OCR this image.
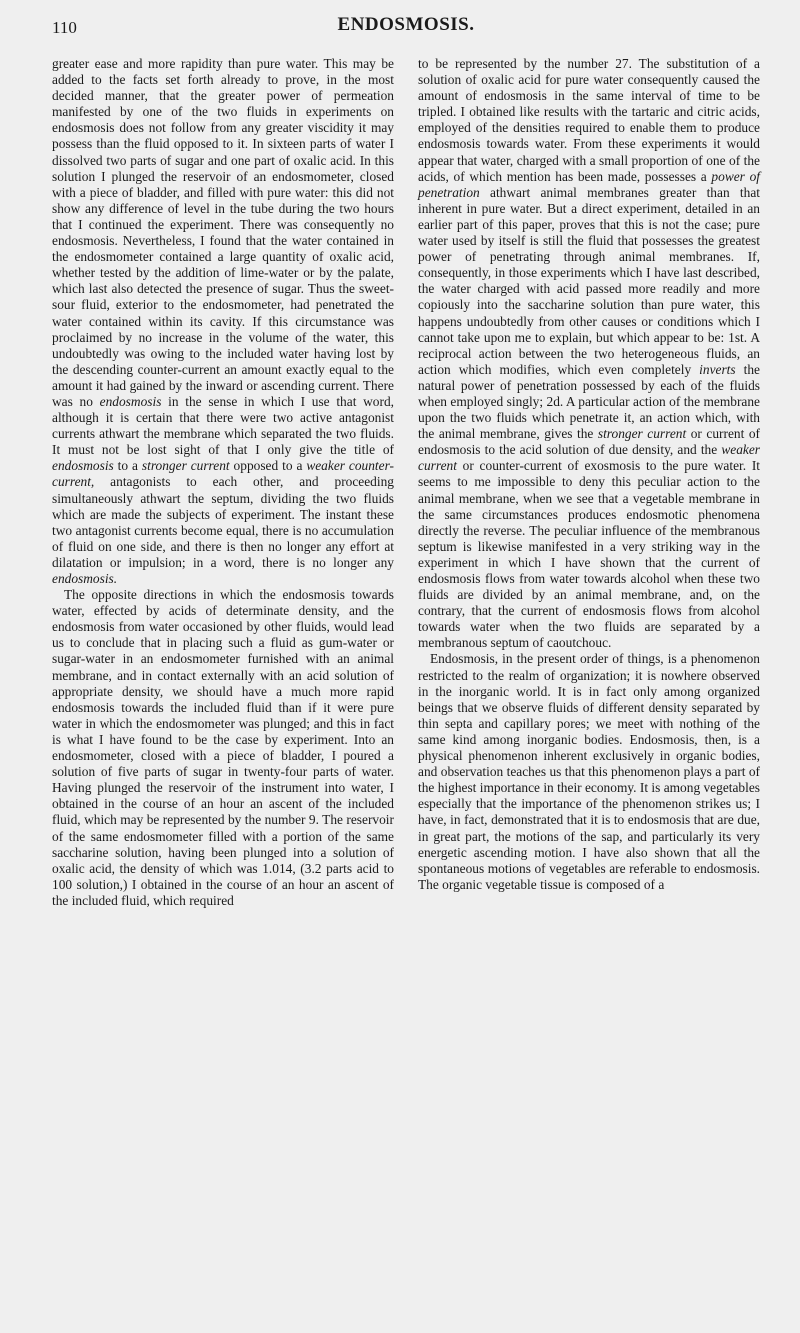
110	ENDOSMOSIS.

greater ease and more rapidity than pure water. This may be added to the facts set forth already to prove, in the most decided manner, that the greater power of permeation manifested by one of the two fluids in experiments on endosmosis does not follow from any greater viscidity it may possess than the fluid opposed to it. In sixteen parts of water I dissolved two parts of sugar and one part of oxalic acid. In this solution I plunged the reservoir of an endosmometer, closed with a piece of bladder, and filled with pure water: this did not show any difference of level in the tube during the two hours that I continued the experiment. There was consequently no endosmosis. Nevertheless, I found that the water contained in the endosmometer contained a large quantity of oxalic acid, whether tested by the addition of lime-water or by the palate, which last also detected the presence of sugar. Thus the sweet-sour fluid, exterior to the endosmometer, had penetrated the water contained within its cavity. If this circumstance was proclaimed by no increase in the volume of the water, this undoubtedly was owing to the included water having lost by the descending counter-current an amount exactly equal to the amount it had gained by the inward or ascending current. There was no endosmosis in the sense in which I use that word, although it is certain that there were two active antagonist currents athwart the membrane which separated the two fluids. It must not be lost sight of that I only give the title of endosmosis to a stronger current opposed to a weaker counter-current, antagonists to each other, and proceeding simultaneously athwart the septum, dividing the two fluids which are made the subjects of experiment. The instant these two antagonist currents become equal, there is no accumulation of fluid on one side, and there is then no longer any effort at dilatation or impulsion; in a word, there is no longer any endosmosis.

The opposite directions in which the endosmosis towards water, effected by acids of determinate density, and the endosmosis from water occasioned by other fluids, would lead us to conclude that in placing such a fluid as gum-water or sugar-water in an endosmometer furnished with an animal membrane, and in contact externally with an acid solution of appropriate density, we should have a much more rapid endosmosis towards the included fluid than if it were pure water in which the endosmometer was plunged; and this in fact is what I have found to be the case by experiment. Into an endosmometer, closed with a piece of bladder, I poured a solution of five parts of sugar in twenty-four parts of water. Having plunged the reservoir of the instrument into water, I obtained in the course of an hour an ascent of the included fluid, which may be represented by the number 9. The reservoir of the same endosmometer filled with a portion of the same saccharine solution, having been plunged into a solution of oxalic acid, the density of which was 1.014, (3.2 parts acid to 100 solution,) I obtained in the course of an hour an ascent of the included fluid, which required

to be represented by the number 27. The substitution of a solution of oxalic acid for pure water consequently caused the amount of endosmosis in the same interval of time to be tripled. I obtained like results with the tartaric and citric acids, employed of the densities required to enable them to produce endosmosis towards water. From these experiments it would appear that water, charged with a small proportion of one of the acids, of which mention has been made, possesses a power of penetration athwart animal membranes greater than that inherent in pure water. But a direct experiment, detailed in an earlier part of this paper, proves that this is not the case; pure water used by itself is still the fluid that possesses the greatest power of penetrating through animal membranes. If, consequently, in those experiments which I have last described, the water charged with acid passed more readily and more copiously into the saccharine solution than pure water, this happens undoubtedly from other causes or conditions which I cannot take upon me to explain, but which appear to be: 1st. A reciprocal action between the two heterogeneous fluids, an action which modifies, which even completely inverts the natural power of penetration possessed by each of the fluids when employed singly; 2d. A particular action of the membrane upon the two fluids which penetrate it, an action which, with the animal membrane, gives the stronger current or current of endosmosis to the acid solution of due density, and the weaker current or counter-current of exosmosis to the pure water. It seems to me impossible to deny this peculiar action to the animal membrane, when we see that a vegetable membrane in the same circumstances produces endosmotic phenomena directly the reverse. The peculiar influence of the membranous septum is likewise manifested in a very striking way in the experiment in which I have shown that the current of endosmosis flows from water towards alcohol when these two fluids are divided by an animal membrane, and, on the contrary, that the current of endosmosis flows from alcohol towards water when the two fluids are separated by a membranous septum of caoutchouc.

Endosmosis, in the present order of things, is a phenomenon restricted to the realm of organization; it is nowhere observed in the inorganic world. It is in fact only among organized beings that we observe fluids of different density separated by thin septa and capillary pores; we meet with nothing of the same kind among inorganic bodies. Endosmosis, then, is a physical phenomenon inherent exclusively in organic bodies, and observation teaches us that this phenomenon plays a part of the highest importance in their economy. It is among vegetables especially that the importance of the phenomenon strikes us; I have, in fact, demonstrated that it is to endosmosis that are due, in great part, the motions of the sap, and particularly its very energetic ascending motion. I have also shown that all the spontaneous motions of vegetables are referable to endosmosis. The organic vegetable tissue is composed of a
